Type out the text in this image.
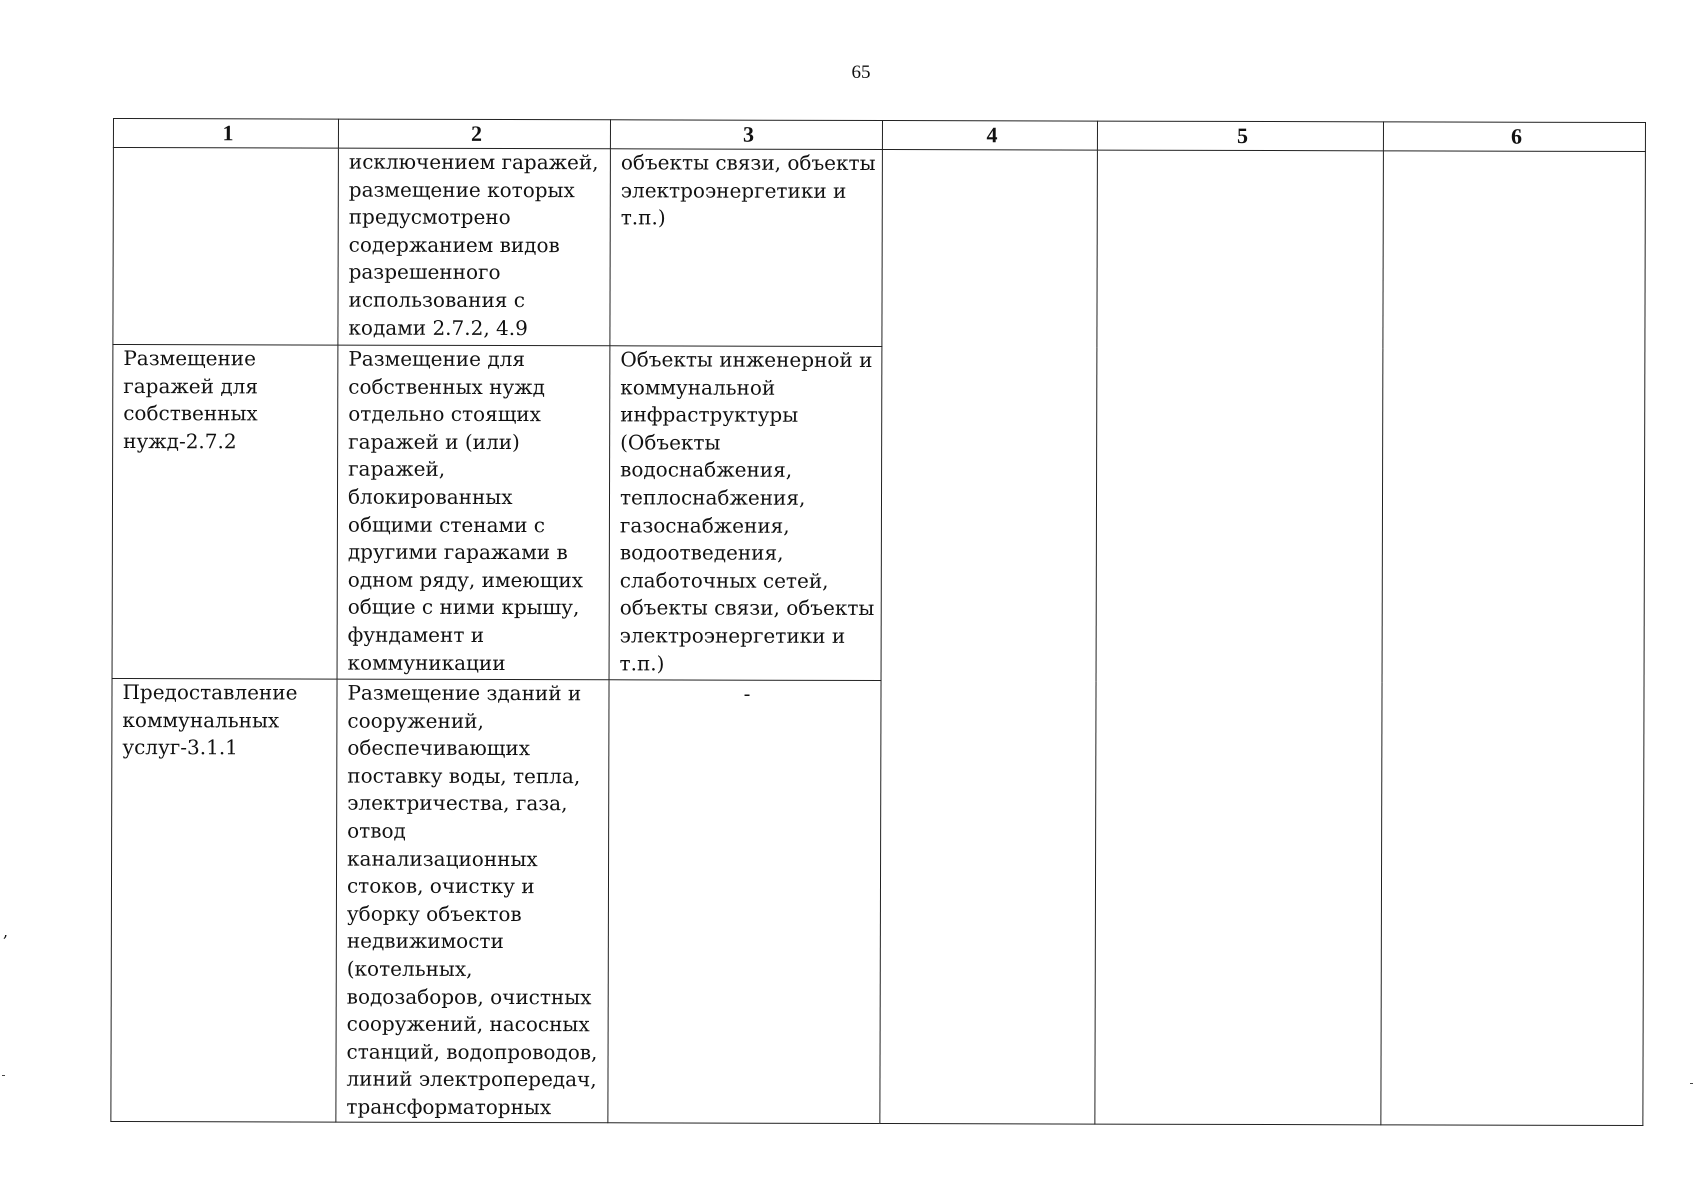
65
1	2	3	4	5	6

	исключением гаражей, размещение которых предусмотрено содержанием видов разрешенного использования с кодами 2.7.2, 4.9	объекты связи, объекты электроэнергетики и т.п.)			

Размещение гаражей для собственных нужд-2.7.2	Размещение для собственных нужд отдельно стоящих гаражей и (или) гаражей, блокированных общими стенами с другими гаражами в одном ряду, имеющих общие с ними крышу, фундамент и коммуникации	Объекты инженерной и коммунальной инфраструктуры (Объекты водоснабжения, теплоснабжения, газоснабжения, водоотведения, слаботочных сетей, объекты связи, объекты электроэнергетики и т.п.)			

Предоставление коммунальных услуг-3.1.1	Размещение зданий и сооружений, обеспечивающих поставку воды, тепла, электричества, газа, отвод канализационных стоков, очистку и уборку объектов недвижимости (котельных, водозаборов, очистных сооружений, насосных станций, водопроводов, линий электропередач, трансформаторных	-			
,
